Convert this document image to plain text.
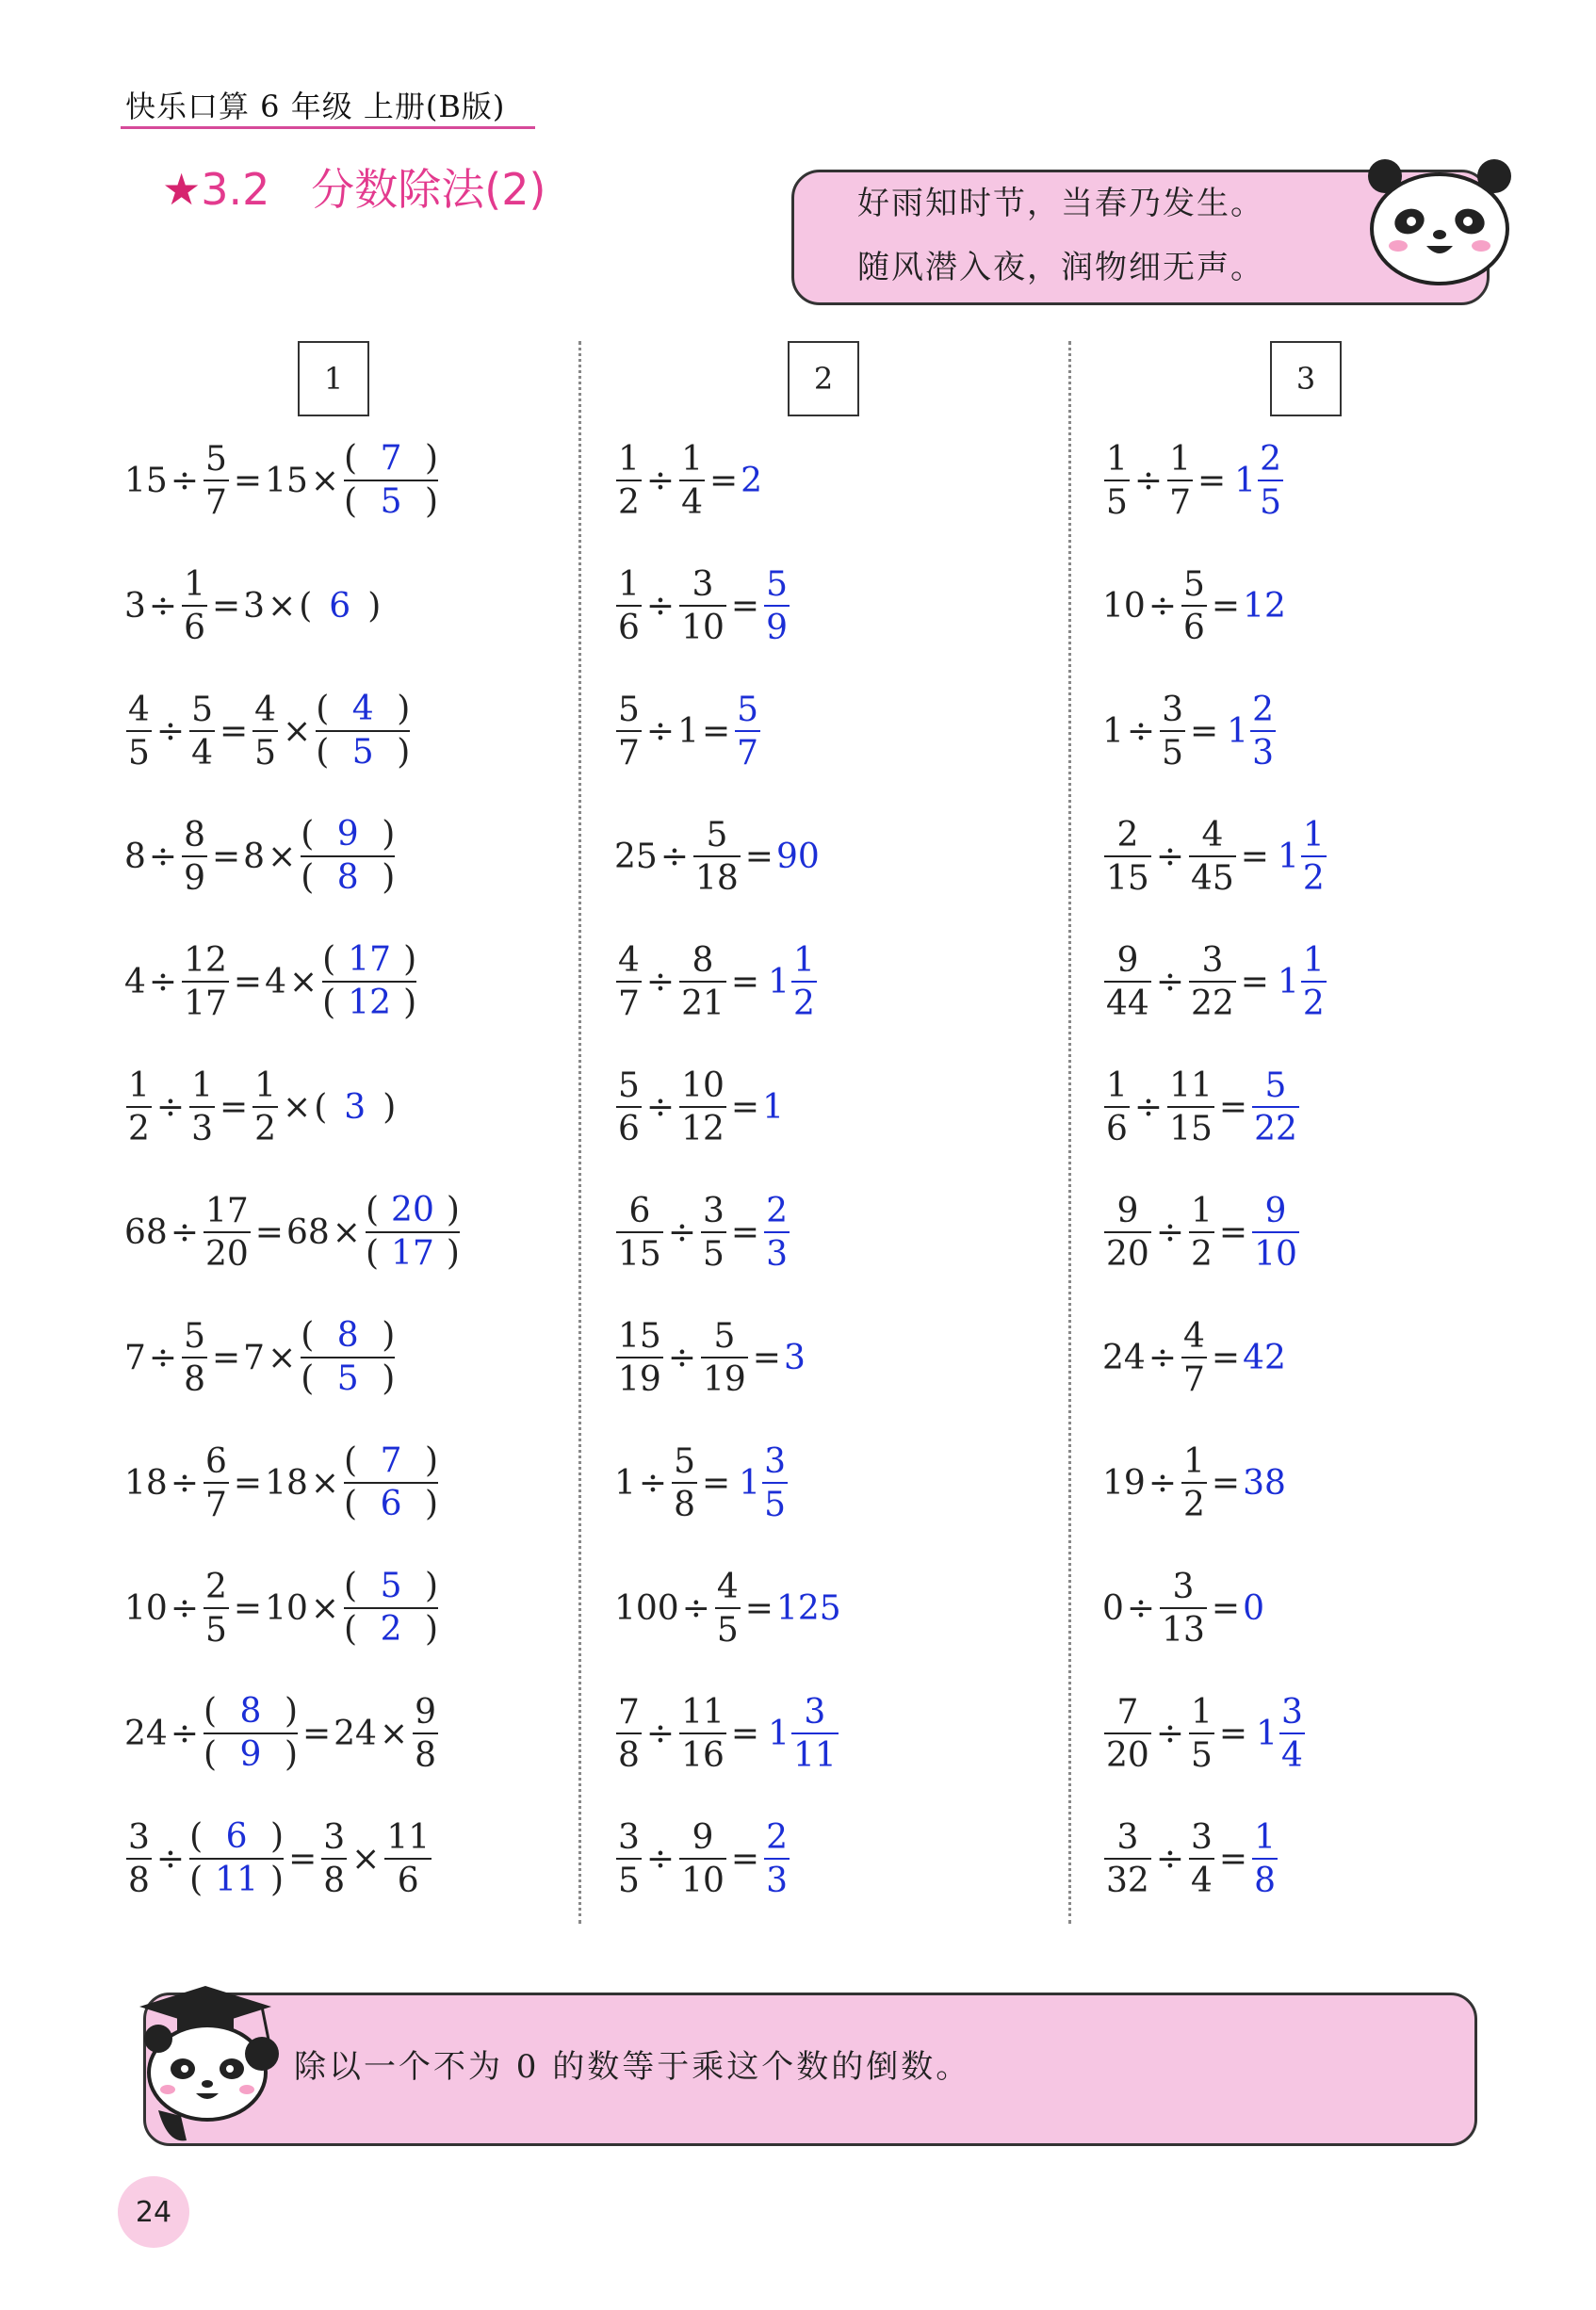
快乐口算 6 年级 上册(B版)
★3.2 分数除法(2)	好雨知时节，当春乃发生。
随风潜入夜，润物细无声。
1	2	3
$15 \div \frac{5}{7} = 15$ ×
( 7 )
( 5 )
$3 \div \frac{1}{6} = 3$ × ( 6 )
$\frac{4}{5} \div \frac{5}{4} = \frac{4}{5}$ ×
( 4 )
( 5 )
$8 \div \frac{8}{9} = 8$ ×
( 9 )
( 8 )
$4 \div \frac{12}{17} = 4$ ×
( 17 )
( 12 )
$\frac{1}{2} \div \frac{1}{3} = \frac{1}{2}$ × ( 3 )
$68 \div \frac{17}{20} = 68$ ×
( 20 )
( 17 )
$7 \div \frac{5}{8} = 7$ ×
( 8 )
( 5 )
$18 \div \frac{6}{7} = 18$ ×
( 7 )
( 6 )
$10 \div \frac{2}{5} = 10$ ×
( 5 )
( 2 )
24 ÷
( 8 )
( 9 )
= $24 \times \frac{9}{8}$
$\frac{3}{8}$ ÷
( 6 )
( 11 )
= $\frac{3}{8} \times \frac{11}{6}$
$\frac{1}{2} \div \frac{1}{4} = 2$
$\frac{1}{6} \div \frac{3}{10} = \frac{5}{9}$
$\frac{5}{7} \div 1 = \frac{5}{7}$
$25 \div \frac{5}{18} = 90$
$\frac{4}{7} \div \frac{8}{21} = 1 \frac{1}{2}$
$\frac{5}{6} \div \frac{10}{12} = 1$
$\frac{6}{15} \div \frac{3}{5} = \frac{2}{3}$
$\frac{15}{19} \div \frac{5}{19} = 3$
$1 \div \frac{5}{8} = 1 \frac{3}{5}$
$100 \div \frac{4}{5} = 125$
$\frac{7}{8} \div \frac{11}{16} = 1 \frac{3}{11}$
$\frac{3}{5} \div \frac{9}{10} = \frac{2}{3}$
$\frac{1}{5} \div \frac{1}{7} = 1 \frac{2}{5}$
$10 \div \frac{5}{6} = 12$
$1 \div \frac{3}{5} = 1 \frac{2}{3}$
$\frac{2}{15} \div \frac{4}{45} = 1 \frac{1}{2}$
$\frac{9}{44} \div \frac{3}{22} = 1 \frac{1}{2}$
$\frac{1}{6} \div \frac{11}{15} = \frac{5}{22}$
$\frac{9}{20} \div \frac{1}{2} = \frac{9}{10}$
$24 \div \frac{4}{7} = 42$
$19 \div \frac{1}{2} = 38$
$0 \div \frac{3}{13} = 0$
$\frac{7}{20} \div \frac{1}{5} = 1 \frac{3}{4}$
$\frac{3}{32} \div \frac{3}{4} = \frac{1}{8}$
除以一个不为 0 的数等于乘这个数的倒数。
24
